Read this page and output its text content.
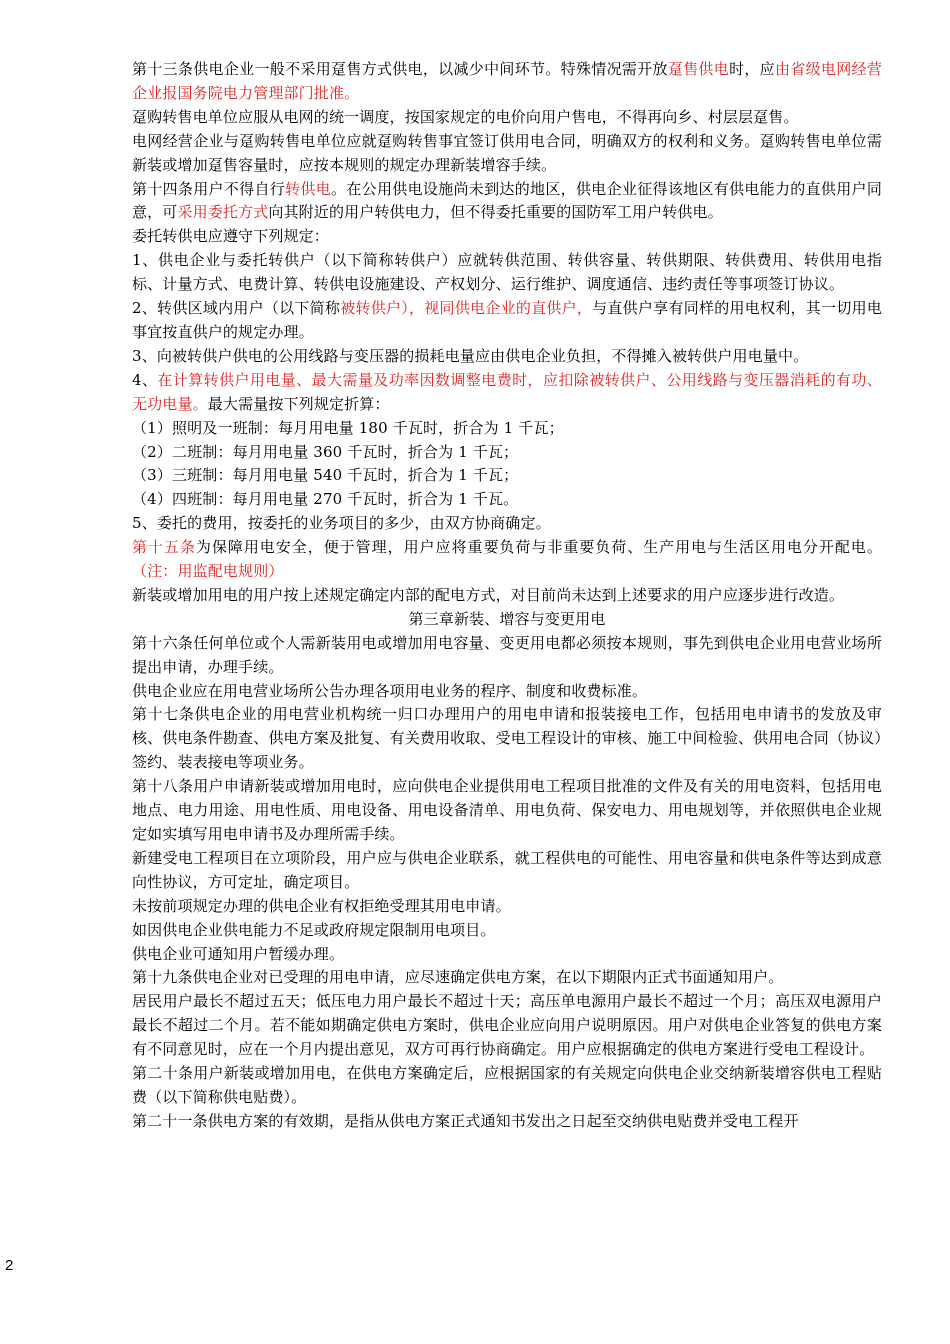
第十三条供电企业一般不采用趸售方式供电，以减少中间环节。特殊情况需开放趸售供电时，应由省级电网经营企业报国务院电力管理部门批准。

趸购转售电单位应服从电网的统一调度，按国家规定的电价向用户售电，不得再向乡、村层层趸售。

电网经营企业与趸购转售电单位应就趸购转售事宜签订供用电合同，明确双方的权利和义务。趸购转售电单位需新装或增加趸售容量时，应按本规则的规定办理新装增容手续。

第十四条用户不得自行转供电。在公用供电设施尚未到达的地区，供电企业征得该地区有供电能力的直供用户同意，可采用委托方式向其附近的用户转供电力，但不得委托重要的国防军工用户转供电。

委托转供电应遵守下列规定：

1、供电企业与委托转供户（以下简称转供户）应就转供范围、转供容量、转供期限、转供费用、转供用电指标、计量方式、电费计算、转供电设施建设、产权划分、运行维护、调度通信、违约责任等事项签订协议。

2、转供区域内用户（以下简称被转供户），视同供电企业的直供户，与直供户享有同样的用电权利，其一切用电事宜按直供户的规定办理。

3、向被转供户供电的公用线路与变压器的损耗电量应由供电企业负担，不得摊入被转供户用电量中。

4、在计算转供户用电量、最大需量及功率因数调整电费时，应扣除被转供户、公用线路与变压器消耗的有功、无功电量。最大需量按下列规定折算：

（1）照明及一班制：每月用电量 180 千瓦时，折合为 1 千瓦；

（2）二班制：每月用电量 360 千瓦时，折合为 1 千瓦；

（3）三班制：每月用电量 540 千瓦时，折合为 1 千瓦；

（4）四班制：每月用电量 270 千瓦时，折合为 1 千瓦。

5、委托的费用，按委托的业务项目的多少，由双方协商确定。

第十五条为保障用电安全，便于管理，用户应将重要负荷与非重要负荷、生产用电与生活区用电分开配电。（注：用监配电规则）

新装或增加用电的用户按上述规定确定内部的配电方式，对目前尚未达到上述要求的用户应逐步进行改造。

第三章新装、增容与变更用电

第十六条任何单位或个人需新装用电或增加用电容量、变更用电都必须按本规则，事先到供电企业用电营业场所提出申请，办理手续。

供电企业应在用电营业场所公告办理各项用电业务的程序、制度和收费标准。

第十七条供电企业的用电营业机构统一归口办理用户的用电申请和报装接电工作，包括用电申请书的发放及审核、供电条件勘查、供电方案及批复、有关费用收取、受电工程设计的审核、施工中间检验、供用电合同（协议）签约、装表接电等项业务。

第十八条用户申请新装或增加用电时，应向供电企业提供用电工程项目批准的文件及有关的用电资料，包括用电地点、电力用途、用电性质、用电设备、用电设备清单、用电负荷、保安电力、用电规划等，并依照供电企业规定如实填写用电申请书及办理所需手续。

新建受电工程项目在立项阶段，用户应与供电企业联系，就工程供电的可能性、用电容量和供电条件等达到成意向性协议，方可定址，确定项目。

未按前项规定办理的供电企业有权拒绝受理其用电申请。

如因供电企业供电能力不足或政府规定限制用电项目。

供电企业可通知用户暂缓办理。

第十九条供电企业对已受理的用电申请，应尽速确定供电方案，在以下期限内正式书面通知用户。

居民用户最长不超过五天；低压电力用户最长不超过十天；高压单电源用户最长不超过一个月；高压双电源用户最长不超过二个月。若不能如期确定供电方案时，供电企业应向用户说明原因。用户对供电企业答复的供电方案有不同意见时，应在一个月内提出意见，双方可再行协商确定。用户应根据确定的供电方案进行受电工程设计。

第二十条用户新装或增加用电，在供电方案确定后，应根据国家的有关规定向供电企业交纳新装增容供电工程贴费（以下简称供电贴费）。

第二十一条供电方案的有效期，是指从供电方案正式通知书发出之日起至交纳供电贴费并受电工程开

2
